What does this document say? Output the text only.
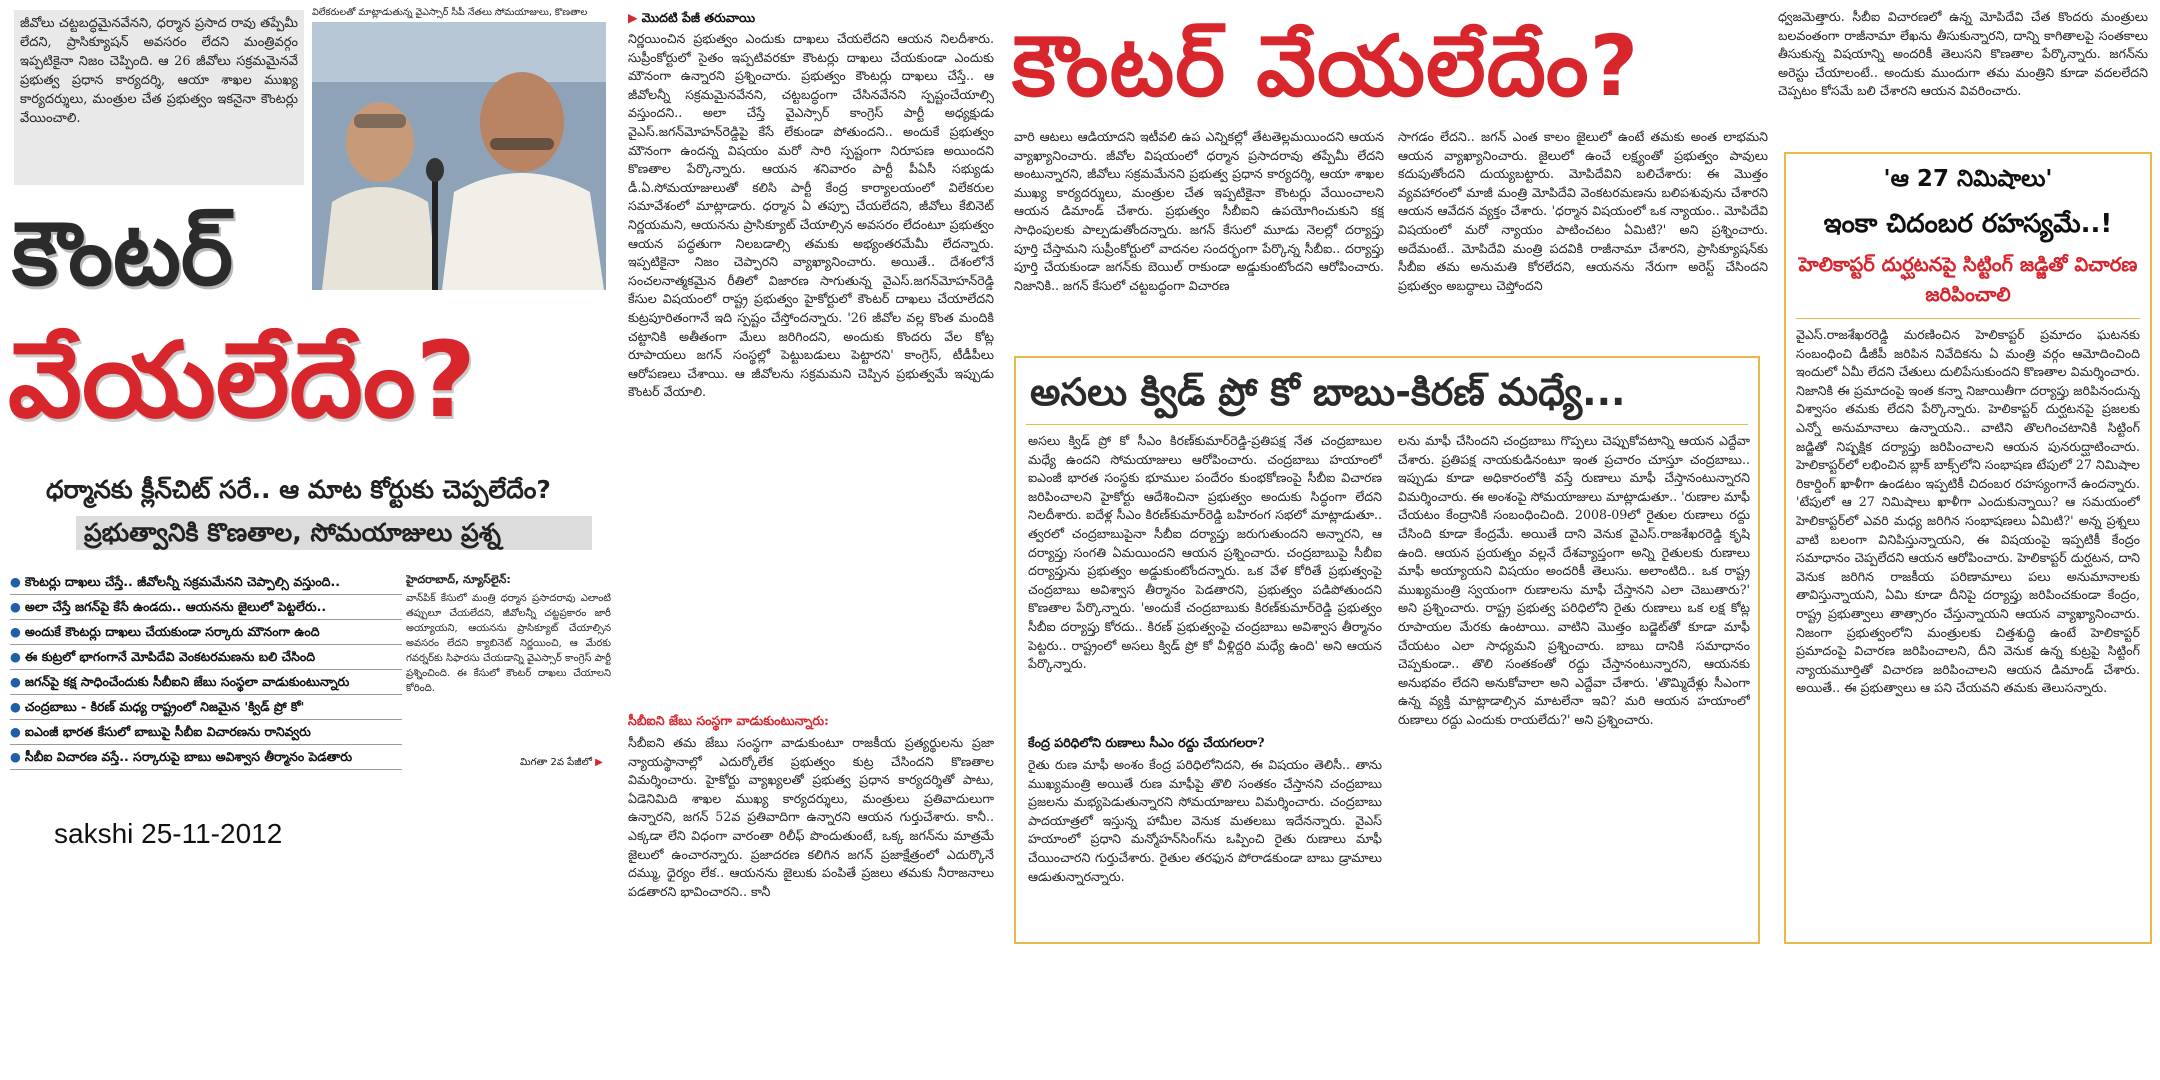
జీవోలు చట్టబద్ధమైనవేనని, ధర్మాన ప్రసాద రావు తప్పేమీ లేదని, ప్రాసిక్యూషన్ అవసరం లేదని మంత్రివర్గం ఇప్పటికైనా నిజం చెప్పింది. ఆ 26 జీవోలు సక్రమమైనవే ప్రభుత్వ ప్రధాన కార్యదర్శి, ఆయా శాఖల ముఖ్య కార్యదర్శులు, మంత్రుల చేత ప్రభుత్వం ఇకనైనా కౌంటర్లు వేయించాలి.
విలేకరులతో మాట్లాడుతున్న వైఎస్సార్ సీపీ నేతలు సోమయాజులు, కొణతాల
కౌంటర్
వేయలేదేం?
ధర్మానకు క్లీన్‌చిట్ సరే.. ఆ మాట కోర్టుకు చెప్పలేదేం?
ప్రభుత్వానికి కొణతాల, సోమయాజులు ప్రశ్న
● కౌంటర్లు దాఖలు చేస్తే.. జీవోలన్నీ సక్రమమేనని చెప్పాల్సి వస్తుంది..
● అలా చేస్తే జగన్‌పై కేసే ఉండదు.. ఆయనను జైలులో పెట్టలేరు..
● అందుకే కౌంటర్లు దాఖలు చేయకుండా సర్కారు మౌనంగా ఉంది
● ఈ కుట్రలో భాగంగానే మోపిదేవి వెంకటరమణను బలి చేసింది
● జగన్‌పై కక్ష సాధించేందుకు సీబీఐని జేబు సంస్థలా వాడుకుంటున్నారు
● చంద్రబాబు - కిరణ్ మధ్య రాష్ట్రంలో నిజమైన 'క్విడ్ ప్రో కో'
● ఐఎంజీ భారత కేసులో బాబుపై సీబీఐ విచారణను రానివ్వరు
● సీబీఐ విచారణ వస్తే.. సర్కారుపై బాబు అవిశ్వాస తీర్మానం పెడతారు
హైదరాబాద్, న్యూస్‌లైన్:
వాన్‌పిక్ కేసులో మంత్రి ధర్మాన ప్రసాదరావు ఎలాంటి తప్పులూ చేయలేదని, జీవోలన్నీ చట్టప్రకారం జారీ అయ్యాయని, ఆయనను ప్రాసిక్యూట్ చేయాల్సిన అవసరం లేదని క్యాబినెట్ నిర్ణయించి, ఆ మేరకు గవర్నర్‌కు సిఫారసు చేయడాన్ని వైఎస్సార్ కాంగ్రెస్ పార్టీ ప్రశ్నించింది. ఈ కేసులో కౌంటర్ దాఖలు చేయాలని కోరింది.
మిగతా 2వ పేజీలో ▶
sakshi 25-11-2012
▶ మొదటి పేజీ తరువాయి
నిర్ణయించిన ప్రభుత్వం ఎందుకు దాఖలు చేయలేదని ఆయన నిలదీశారు. సుప్రీంకోర్టులో సైతం ఇప్పటివరకూ కౌంటర్లు దాఖలు చేయకుండా ఎందుకు మౌనంగా ఉన్నారని ప్రశ్నించారు. ప్రభుత్వం కౌంటర్లు దాఖలు చేస్తే.. ఆ జీవోలన్నీ సక్రమమైనవేనని, చట్టబద్ధంగా చేసినవేనని స్పష్టంచేయాల్సి వస్తుందని.. అలా చేస్తే వైఎస్సార్ కాంగ్రెస్ పార్టీ అధ్యక్షుడు వైఎస్.జగన్‌మోహన్‌రెడ్డిపై కేసే లేకుండా పోతుందని.. అందుకే ప్రభుత్వం మౌనంగా ఉందన్న విషయం మరో సారి స్పష్టంగా నిరూపణ అయిందని కొణతాల పేర్కొన్నారు. ఆయన శనివారం పార్టీ పీఏసీ సభ్యుడు డీ.ఏ.సోమయాజులుతో కలిసి పార్టీ కేంద్ర కార్యాలయంలో విలేకరుల సమావేశంలో మాట్లాడారు. ధర్మాన ఏ తప్పూ చేయలేదని, జీవోలు కేబినెట్ నిర్ణయమని, ఆయనను ప్రాసిక్యూట్ చేయాల్సిన అవసరం లేదంటూ ప్రభుత్వం ఆయన పద్ధతుగా నిలబడాల్సి తమకు అభ్యంతరమేమీ లేదన్నారు. ఇప్పటికైనా నిజం చెప్పారని వ్యాఖ్యానించారు. అయితే.. దేశంలోనే సంచలనాత్మకమైన రీతిలో విజారణ సాగుతున్న వైఎస్.జగన్‌మోహన్‌రెడ్డి కేసుల విషయంలో రాష్ట్ర ప్రభుత్వం హైకోర్టులో కౌంటర్ దాఖలు చేయాలేదని కుట్రపూరితంగానే ఇది స్పష్టం చేస్తోందన్నారు. '26 జీవోల వల్ల కొంత మందికి చట్టానికి అతీతంగా మేలు జరిగిందని, అందుకు కొందరు వేల కోట్ల రూపాయలు జగన్ సంస్థల్లో పెట్టుబడులు పెట్టారని' కాంగ్రెస్, టీడీపీలు ఆరోపణలు చేశాయి. ఆ జీవోలను సక్రమమని చెప్పిన ప్రభుత్వమే ఇప్పుడు కౌంటర్ వేయాలి.
సీబీఐని జేబు సంస్థగా వాడుకుంటున్నారు:
సీబీఐని తమ జేబు సంస్థగా వాడుకుంటూ రాజకీయ ప్రత్యర్థులను ప్రజా న్యాయస్థానాల్లో ఎదుర్కోలేక ప్రభుత్వం కుట్ర చేసిందని కొణతాల విమర్శించారు. హైకోర్టు వ్యాఖ్యలతో ప్రభుత్వ ప్రధాన కార్యదర్శితో పాటు, ఏడెనిమిది శాఖల ముఖ్య కార్యదర్శులు, మంత్రులు ప్రతివాదులుగా ఉన్నారని, జగన్ 52వ ప్రతివాదిగా ఉన్నారని ఆయన గుర్తుచేశారు. కానీ.. ఎక్కడా లేని విధంగా వారంతా రిలీఫ్ పొందుతుంటే, ఒక్క జగన్‌ను మాత్రమే జైలులో ఉంచారన్నారు. ప్రజాదరణ కలిగిన జగన్ ప్రజాక్షేత్రంలో ఎదుర్కొనే దమ్ము, ధైర్యం లేక.. ఆయనను జైలుకు పంపితే ప్రజలు తమకు నీరాజనాలు పడతారని భావించారని.. కానీ
కౌంటర్ వేయలేదేం?
వారి ఆటలు ఆడియాదని ఇటీవలి ఉప ఎన్నికల్లో తేటతెల్లమయిందని ఆయన వ్యాఖ్యానించారు. జీవోల విషయంలో ధర్మాన ప్రసాదరావు తప్పేమీ లేదని అంటున్నారని, జీవోలు సక్రమమేనని ప్రభుత్వ ప్రధాన కార్యదర్శి, ఆయా శాఖల ముఖ్య కార్యదర్శులు, మంత్రుల చేత ఇప్పటికైనా కౌంటర్లు వేయించాలని ఆయన డిమాండ్ చేశారు. ప్రభుత్వం సీబీఐని ఉపయోగించుకుని కక్ష సాధింపులకు పాల్పడుతోందన్నారు. జగన్ కేసులో మూడు నెలల్లో దర్యాప్తు పూర్తి చేస్తామని సుప్రీంకోర్టులో వాదనల సందర్భంగా పేర్కొన్న సీబీఐ.. దర్యాప్తు పూర్తి చేయకుండా జగన్‌కు బెయిల్ రాకుండా అడ్డుకుంటోందని ఆరోపించారు. నిజానికి.. జగన్ కేసులో చట్టబద్ధంగా విచారణ
సాగడం లేదని.. జగన్ ఎంత కాలం జైలులో ఉంటే తమకు అంత లాభమని ఆయన వ్యాఖ్యానించారు. జైలులో ఉంచే లక్ష్యంతో ప్రభుత్వం పావులు కదుపుతోందని దుయ్యబట్టారు. మోపిదేవిని బలిచేశారు: ఈ మొత్తం వ్యవహారంలో మాజీ మంత్రి మోపిదేవి వెంకటరమణను బలిపశువును చేశారని ఆయన ఆవేదన వ్యక్తం చేశారు. 'ధర్మాన విషయంలో ఒక న్యాయం.. మోపిదేవి విషయంలో మరో న్యాయం పాటించటం ఏమిటి?' అని ప్రశ్నించారు. అదేమంటే.. మోపిదేవి మంత్రి పదవికి రాజీనామా చేశారని, ప్రాసిక్యూషన్‌కు సీబీఐ తమ అనుమతి కోరలేదని, ఆయనను నేరుగా అరెస్ట్ చేసిందని ప్రభుత్వం అబద్ధాలు చెప్తోందని
అసలు క్విడ్ ప్రో కో బాబు-కిరణ్ మధ్యే...
అసలు క్విడ్ ప్రో కో సీఎం కిరణ్‌కుమార్‌రెడ్డి-ప్రతిపక్ష నేత చంద్రబాబుల మధ్యే ఉందని సోమయాజులు ఆరోపించారు. చంద్రబాబు హయాంలో ఐఎంజీ భారత సంస్థకు భూముల పందేరం కుంభకోణంపై సీబీఐ విచారణ జరిపించాలని హైకోర్టు ఆదేశించినా ప్రభుత్వం అందుకు సిద్ధంగా లేదని నిలదీశారు. ఐదేళ్ల సీఎం కిరణ్‌కుమార్‌రెడ్డి బహిరంగ సభలో మాట్లాడుతూ.. త్వరలో చంద్రబాబుపైనా సీబీఐ దర్యాప్తు జరుగుతుందని అన్నారని, ఆ దర్యాప్తు సంగతి ఏమయిందని ఆయన ప్రశ్నించారు. చంద్రబాబుపై సీబీఐ దర్యాప్తును ప్రభుత్వం అడ్డుకుంటోందన్నారు. ఒక వేళ కోరితే ప్రభుత్వంపై చంద్రబాబు అవిశ్వాస తీర్మానం పెడతారని, ప్రభుత్వం పడిపోతుందని కొణతాల పేర్కొన్నారు. 'అందుకే చంద్రబాబుకు కిరణ్‌కుమార్‌రెడ్డి ప్రభుత్వం సీబీఐ దర్యాప్తు కోరదు.. కిరణ్ ప్రభుత్వంపై చంద్రబాబు అవిశ్వాస తీర్మానం పెట్టరు.. రాష్ట్రంలో అసలు క్విడ్ ప్రో కో వీళ్లిద్దరి మధ్యే ఉంది' అని ఆయన పేర్కొన్నారు.
కేంద్ర పరిధిలోని రుణాలు సీఎం రద్దు చేయగలరా?
రైతు రుణ మాఫీ అంశం కేంద్ర పరిధిలోనిదని, ఈ విషయం తెలిసీ.. తాను ముఖ్యమంత్రి అయితే రుణ మాఫీపై తొలి సంతకం చేస్తానని చంద్రబాబు ప్రజలను మభ్యపెడుతున్నారని సోమయాజులు విమర్శించారు. చంద్రబాబు పాదయాత్రలో ఇస్తున్న హామీల వెనుక మతలబు ఇదేనన్నారు. వైఎస్ హయాంలో ప్రధాని మన్మోహన్‌సింగ్‌ను ఒప్పించి రైతు రుణాలు మాఫీ చేయించారని గుర్తుచేశారు. రైతుల తరఫున పోరాడకుండా బాబు డ్రామాలు ఆడుతున్నారన్నారు.
లను మాఫీ చేసిందని చంద్రబాబు గొప్పలు చెప్పుకోవటాన్ని ఆయన ఎద్దేవా చేశారు. ప్రతిపక్ష నాయకుడినంటూ ఇంత ప్రచారం చూస్తూ చంద్రబాబు.. ఇప్పుడు కూడా అధికారంలోకి వస్తే రుణాలు మాఫీ చేస్తానంటున్నారని విమర్శించారు. ఈ అంశంపై సోమయాజులు మాట్లాడుతూ.. 'రుణాల మాఫీ చేయటం కేంద్రానికి సంబంధించింది. 2008-09లో రైతుల రుణాలు రద్దు చేసింది కూడా కేంద్రమే. అయితే దాని వెనుక వైఎస్.రాజశేఖరరెడ్డి కృషి ఉంది. ఆయన ప్రయత్నం వల్లనే దేశవ్యాప్తంగా అన్ని రైతులకు రుణాలు మాఫీ అయ్యాయని విషయం అందరికీ తెలుసు. అలాంటిది.. ఒక రాష్ట్ర ముఖ్యమంత్రి స్వయంగా రుణాలను మాఫీ చేస్తానని ఎలా చెబుతారు?' అని ప్రశ్నించారు. రాష్ట్ర ప్రభుత్వ పరిధిలోని రైతు రుణాలు ఒక లక్ష కోట్ల రూపాయల మేరకు ఉంటాయి. వాటిని మొత్తం బడ్జెట్‌తో కూడా మాఫీ చేయటం ఎలా సాధ్యమని ప్రశ్నించారు. బాబు దానికి సమాధానం చెప్పకుండా.. తొలి సంతకంతో రద్దు చేస్తానంటున్నారని, ఆయనకు అనుభవం లేదని అనుకోవాలా అని ఎద్దేవా చేశారు. 'తొమ్మిదేళ్లు సీఎంగా ఉన్న వ్యక్తి మాట్లాడాల్సిన మాటలేనా ఇవి? మరి ఆయన హయాంలో రుణాలు రద్దు ఎందుకు రాయలేదు?' అని ప్రశ్నించారు.
ధ్వజమెత్తారు. సీబీఐ విచారణలో ఉన్న మోపిదేవి చేత కొందరు మంత్రులు బలవంతంగా రాజీనామా లేఖను తీసుకున్నారని, దాన్ని కాగితాలపై సంతకాలు తీసుకున్న విషయాన్ని అందరికీ తెలుసని కొణతాల పేర్కొన్నారు. జగన్‌ను అరెస్టు చేయాలంటే.. అందుకు ముందుగా తమ మంత్రిని కూడా వదలలేదని చెప్పటం కోసమే బలి చేశారని ఆయన వివరించారు.
'ఆ 27 నిమిషాలు'
ఇంకా చిదంబర రహస్యమే..!
హెలికాప్టర్ దుర్ఘటనపై సిట్టింగ్ జడ్జితో విచారణ జరిపించాలి
వైఎస్.రాజశేఖరరెడ్డి మరణించిన హెలికాప్టర్ ప్రమాదం ఘటనకు సంబంధించి డీజీపీ జరిపిన నివేదికను ఏ మంత్రి వర్గం ఆమోదించింది ఇందులో ఏమీ లేదని చేతులు దులిపేసుకుందని కొణతాల విమర్శించారు. నిజానికి ఈ ప్రమాదంపై ఇంత కన్నా నిజాయితీగా దర్యాప్తు జరిపినందున్న విశ్వాసం తమకు లేదని పేర్కొన్నారు. హెలికాప్టర్ దుర్ఘటనపై ప్రజలకు ఎన్నో అనుమానాలు ఉన్నాయని.. వాటిని తొలగించటానికి సిట్టింగ్ జడ్జితో నిష్పక్షిక దర్యాప్తు జరిపించాలని ఆయన పునరుద్ఘాటించారు. హెలికాప్టర్‌లో లభించిన బ్లాక్ బాక్స్‌లోని సంభాషణ టేపులో 27 నిమిషాల రికార్డింగ్ ఖాళీగా ఉండటం ఇప్పటికీ చిదంబర రహస్యంగానే ఉందన్నారు. 'టేపులో ఆ 27 నిమిషాలు ఖాళీగా ఎందుకున్నాయి? ఆ సమయంలో హెలికాప్టర్‌లో ఎవరి మధ్య జరిగిన సంభాషణలు ఏమిటి?' అన్న ప్రశ్నలు వాటి బలంగా వినిపిస్తున్నాయని, ఈ విషయంపై ఇప్పటికీ కేంద్రం సమాధానం చెప్పలేదని ఆయన ఆరోపించారు. హెలికాప్టర్ దుర్ఘటన, దాని వెనుక జరిగిన రాజకీయ పరిణామాలు పలు అనుమానాలకు తావిస్తున్నాయని, ఏమి కూడా దీనిపై దర్యాప్తు జరిపించకుండా కేంద్రం, రాష్ట్ర ప్రభుత్వాలు తాత్సారం చేస్తున్నాయని ఆయన వ్యాఖ్యానించారు. నిజంగా ప్రభుత్వంలోని మంత్రులకు చిత్తశుద్ధి ఉంటే హెలికాప్టర్ ప్రమాదంపై విచారణ జరిపించాలని, దీని వెనుక ఉన్న కుట్రపై సిట్టింగ్ న్యాయమూర్తితో విచారణ జరిపించాలని ఆయన డిమాండ్ చేశారు. అయితే.. ఈ ప్రభుత్వాలు ఆ పని చేయవని తమకు తెలుసన్నారు.
